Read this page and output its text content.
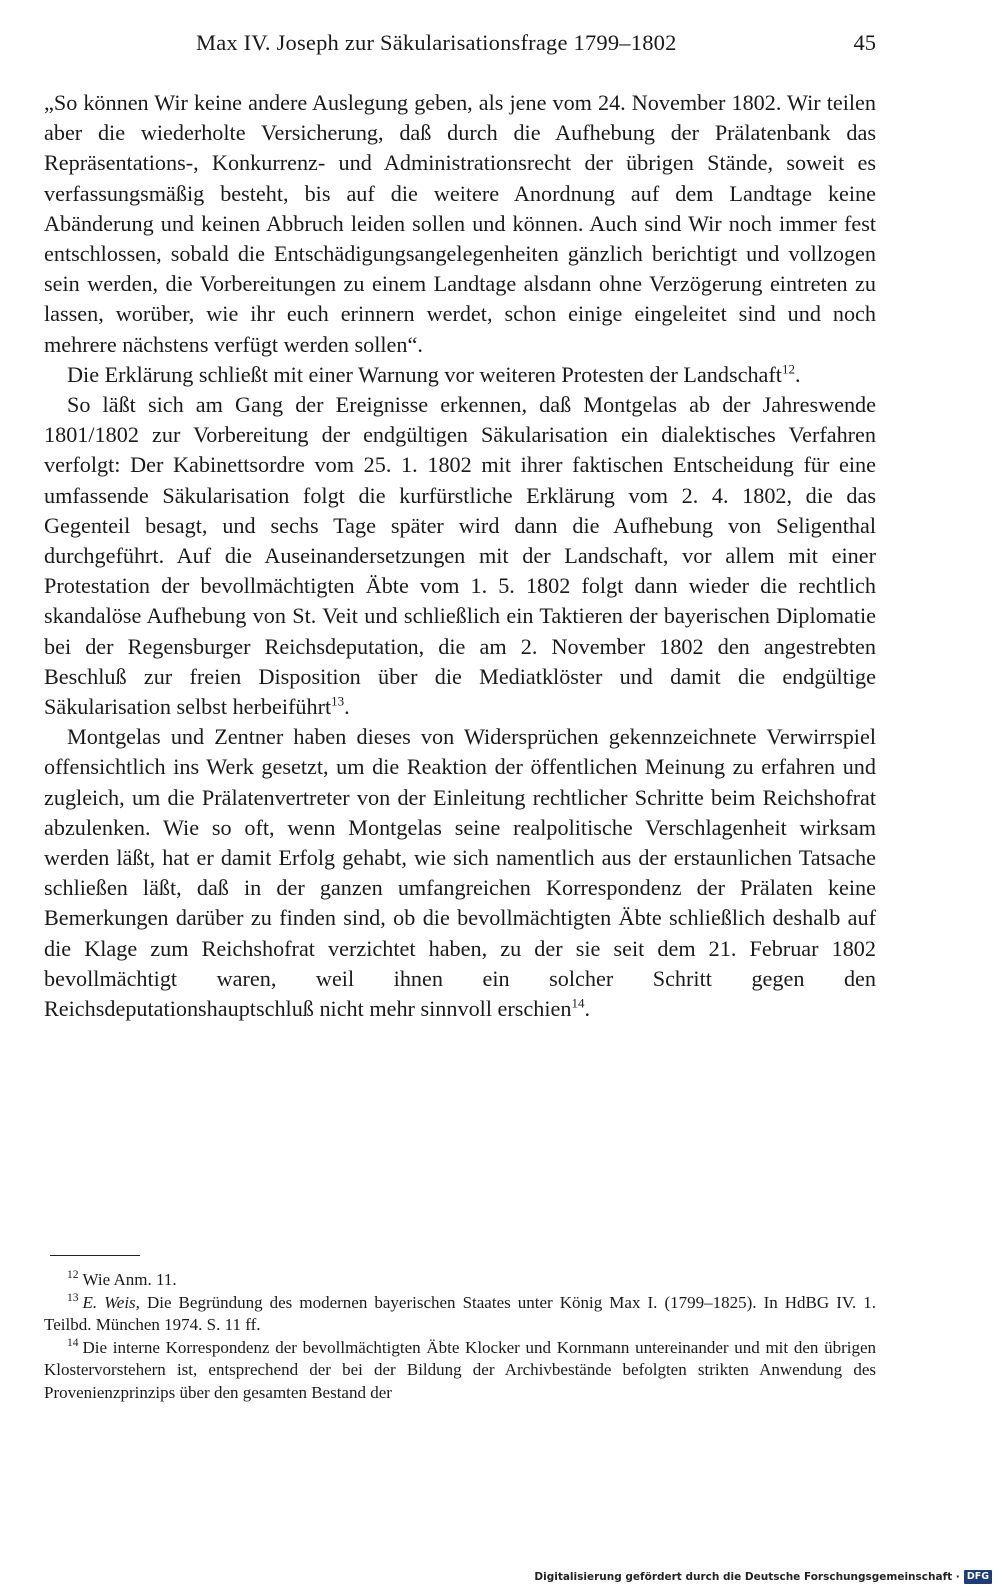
Max IV. Joseph zur Säkularisationsfrage 1799–1802	45

„So können Wir keine andere Auslegung geben, als jene vom 24. November 1802. Wir teilen aber die wiederholte Versicherung, daß durch die Aufhebung der Prälatenbank das Repräsentations-, Konkurrenz- und Administrationsrecht der übrigen Stände, soweit es verfassungsmäßig besteht, bis auf die weitere Anordnung auf dem Landtage keine Abänderung und keinen Abbruch leiden sollen und können. Auch sind Wir noch immer fest entschlossen, sobald die Entschädigungsangelegenheiten gänzlich berichtigt und vollzogen sein werden, die Vorbereitungen zu einem Landtage alsdann ohne Verzögerung eintreten zu lassen, worüber, wie ihr euch erinnern werdet, schon einige eingeleitet sind und noch mehrere nächstens verfügt werden sollen“.

Die Erklärung schließt mit einer Warnung vor weiteren Protesten der Landschaft$^{12}$.

So läßt sich am Gang der Ereignisse erkennen, daß Montgelas ab der Jahreswende 1801/1802 zur Vorbereitung der endgültigen Säkularisation ein dialektisches Verfahren verfolgt: Der Kabinettsordre vom 25. 1. 1802 mit ihrer faktischen Entscheidung für eine umfassende Säkularisation folgt die kurfürstliche Erklärung vom 2. 4. 1802, die das Gegenteil besagt, und sechs Tage später wird dann die Aufhebung von Seligenthal durchgeführt. Auf die Auseinandersetzungen mit der Landschaft, vor allem mit einer Protestation der bevollmächtigten Äbte vom 1. 5. 1802 folgt dann wieder die rechtlich skandalöse Aufhebung von St. Veit und schließlich ein Taktieren der bayerischen Diplomatie bei der Regensburger Reichsdeputation, die am 2. November 1802 den angestrebten Beschluß zur freien Disposition über die Mediatklöster und damit die endgültige Säkularisation selbst herbeiführt$^{13}$.

Montgelas und Zentner haben dieses von Widersprüchen gekennzeichnete Verwirrspiel offensichtlich ins Werk gesetzt, um die Reaktion der öffentlichen Meinung zu erfahren und zugleich, um die Prälatenvertreter von der Einleitung rechtlicher Schritte beim Reichshofrat abzulenken. Wie so oft, wenn Montgelas seine realpolitische Verschlagenheit wirksam werden läßt, hat er damit Erfolg gehabt, wie sich namentlich aus der erstaunlichen Tatsache schließen läßt, daß in der ganzen umfangreichen Korrespondenz der Prälaten keine Bemerkungen darüber zu finden sind, ob die bevollmächtigten Äbte schließlich deshalb auf die Klage zum Reichshofrat verzichtet haben, zu der sie seit dem 21. Februar 1802 bevollmächtigt waren, weil ihnen ein solcher Schritt gegen den Reichsdeputationshauptschluß nicht mehr sinnvoll erschien$^{14}$.

$^{12}$ Wie Anm. 11.

$^{13}$ E. Weis, Die Begründung des modernen bayerischen Staates unter König Max I. (1799–1825). In HdBG IV. 1. Teilbd. München 1974. S. 11 ff.

$^{14}$ Die interne Korrespondenz der bevollmächtigten Äbte Klocker und Kornmann untereinander und mit den übrigen Klostervorstehern ist, entsprechend der bei der Bildung der Archivbestände befolgten strikten Anwendung des Provenienzprinzips über den gesamten Bestand der

Digitalisierung gefördert durch die Deutsche Forschungsgemeinschaft · DFG
